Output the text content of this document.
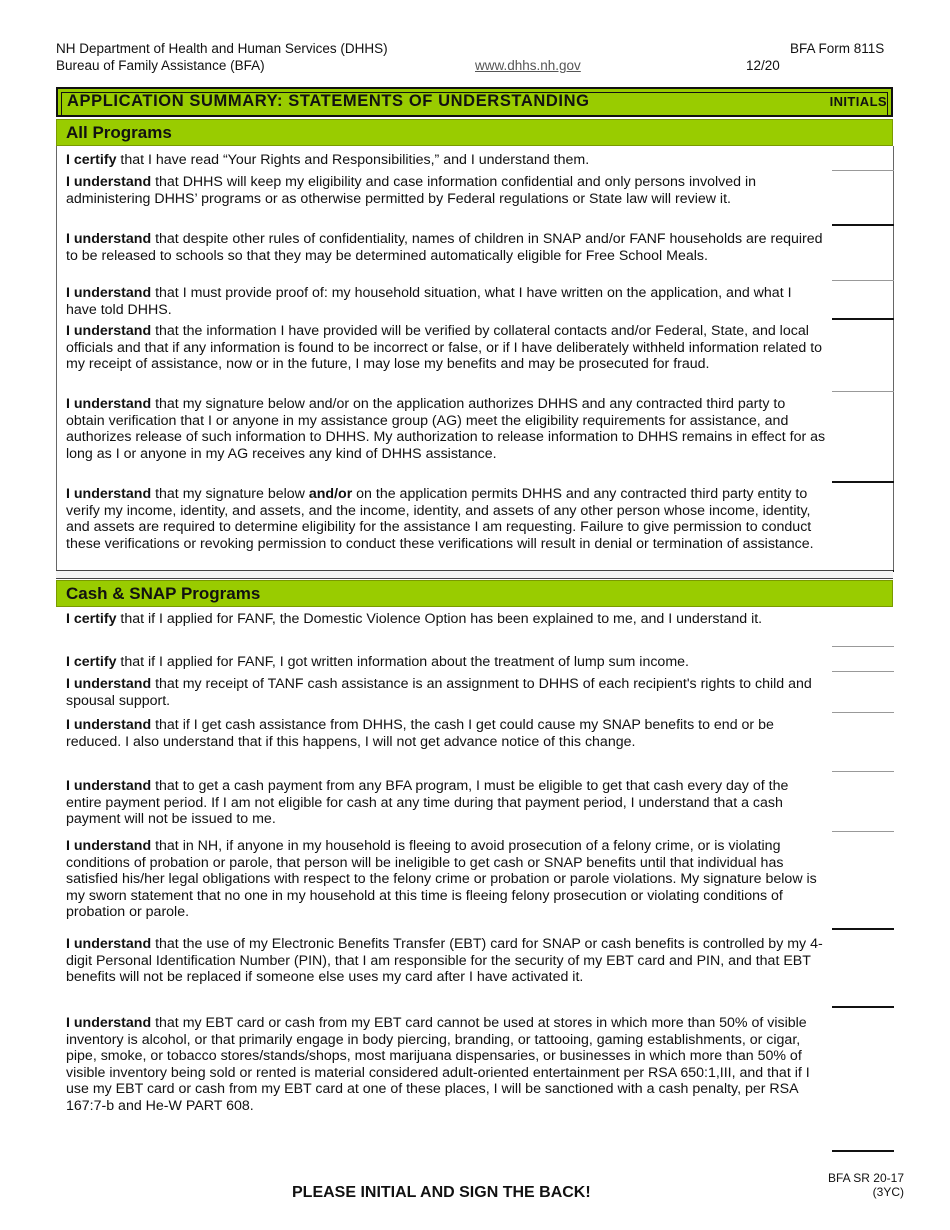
NH Department of Health and Human Services (DHHS)
Bureau of Family Assistance (BFA)	www.dhhs.nh.gov
BFA Form 811S
12/20
APPLICATION SUMMARY: STATEMENTS OF UNDERSTANDING	INITIALS
All Programs
I certify that I have read “Your Rights and Responsibilities,” and I understand them.
I understand that DHHS will keep my eligibility and case information confidential and only persons involved in administering DHHS’ programs or as otherwise permitted by Federal regulations or State law will review it.
I understand that despite other rules of confidentiality, names of children in SNAP and/or FANF households are required to be released to schools so that they may be determined automatically eligible for Free School Meals.
I understand that I must provide proof of: my household situation, what I have written on the application, and what I have told DHHS.
I understand that the information I have provided will be verified by collateral contacts and/or Federal, State, and local officials and that if any information is found to be incorrect or false, or if I have deliberately withheld information related to my receipt of assistance, now or in the future, I may lose my benefits and may be prosecuted for fraud.
I understand that my signature below and/or on the application authorizes DHHS and any contracted third party to obtain verification that I or anyone in my assistance group (AG) meet the eligibility requirements for assistance, and authorizes release of such information to DHHS. My authorization to release information to DHHS remains in effect for as long as I or anyone in my AG receives any kind of DHHS assistance.
I understand that my signature below and/or on the application permits DHHS and any contracted third party entity to verify my income, identity, and assets, and the income, identity, and assets of any other person whose income, identity, and assets are required to determine eligibility for the assistance I am requesting. Failure to give permission to conduct these verifications or revoking permission to conduct these verifications will result in denial or termination of assistance.
Cash & SNAP Programs
I certify that if I applied for FANF, the Domestic Violence Option has been explained to me, and I understand it.
I certify that if I applied for FANF, I got written information about the treatment of lump sum income.
I understand that my receipt of TANF cash assistance is an assignment to DHHS of each recipient's rights to child and spousal support.
I understand that if I get cash assistance from DHHS, the cash I get could cause my SNAP benefits to end or be reduced. I also understand that if this happens, I will not get advance notice of this change.
I understand that to get a cash payment from any BFA program, I must be eligible to get that cash every day of the entire payment period. If I am not eligible for cash at any time during that payment period, I understand that a cash payment will not be issued to me.
I understand that in NH, if anyone in my household is fleeing to avoid prosecution of a felony crime, or is violating conditions of probation or parole, that person will be ineligible to get cash or SNAP benefits until that individual has satisfied his/her legal obligations with respect to the felony crime or probation or parole violations. My signature below is my sworn statement that no one in my household at this time is fleeing felony prosecution or violating conditions of probation or parole.
I understand that the use of my Electronic Benefits Transfer (EBT) card for SNAP or cash benefits is controlled by my 4-digit Personal Identification Number (PIN), that I am responsible for the security of my EBT card and PIN, and that EBT benefits will not be replaced if someone else uses my card after I have activated it.
I understand that my EBT card or cash from my EBT card cannot be used at stores in which more than 50% of visible inventory is alcohol, or that primarily engage in body piercing, branding, or tattooing, gaming establishments, or cigar, pipe, smoke, or tobacco stores/stands/shops, most marijuana dispensaries, or businesses in which more than 50% of visible inventory being sold or rented is material considered adult-oriented entertainment per RSA 650:1,III, and that if I use my EBT card or cash from my EBT card at one of these places, I will be sanctioned with a cash penalty, per RSA 167:7-b and He-W PART 608.
PLEASE INITIAL AND SIGN THE BACK!
BFA SR 20-17
(3YC)
